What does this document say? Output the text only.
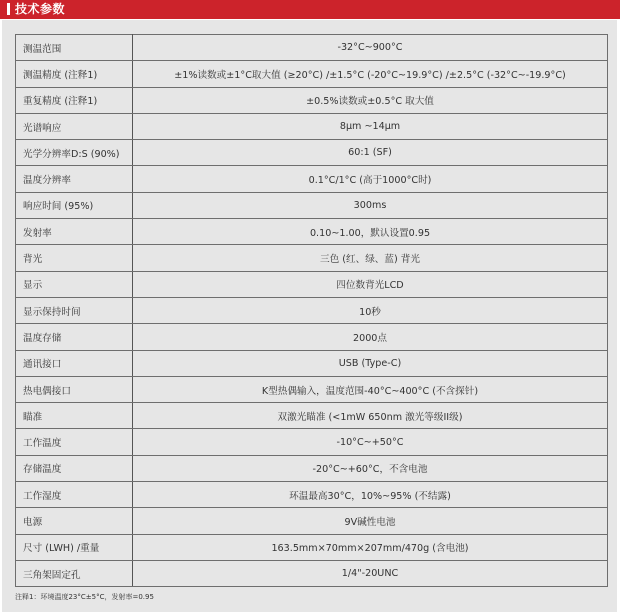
技术参数
测温范围	-32°C~900°C
测温精度 (注释1)	±1%读数或±1°C取大值 (≥20°C) /±1.5°C (-20°C~19.9°C) /±2.5°C (-32°C~-19.9°C)
重复精度 (注释1)	±0.5%读数或±0.5°C 取大值
光谱响应	8μm ~14μm
光学分辨率D:S (90%)	60:1 (SF)
温度分辨率	0.1°C/1°C (高于1000°C时)
响应时间 (95%)	300ms
发射率	0.10~1.00，默认设置0.95
背光	三色 (红、绿、蓝) 背光
显示	四位数背光LCD
显示保持时间	10秒
温度存储	2000点
通讯接口	USB (Type-C)
热电偶接口	K型热偶输入，温度范围-40°C~400°C (不含探针)
瞄准	双激光瞄准 (<1mW 650nm 激光等级II级)
工作温度	-10°C~+50°C
存储温度	-20°C~+60°C，不含电池
工作湿度	环温最高30°C，10%~95% (不结露)
电源	9V碱性电池
尺寸 (LWH) /重量	163.5mm×70mm×207mm/470g (含电池)
三角架固定孔	1/4"-20UNC
注释1：环境温度23°C±5°C，发射率=0.95
